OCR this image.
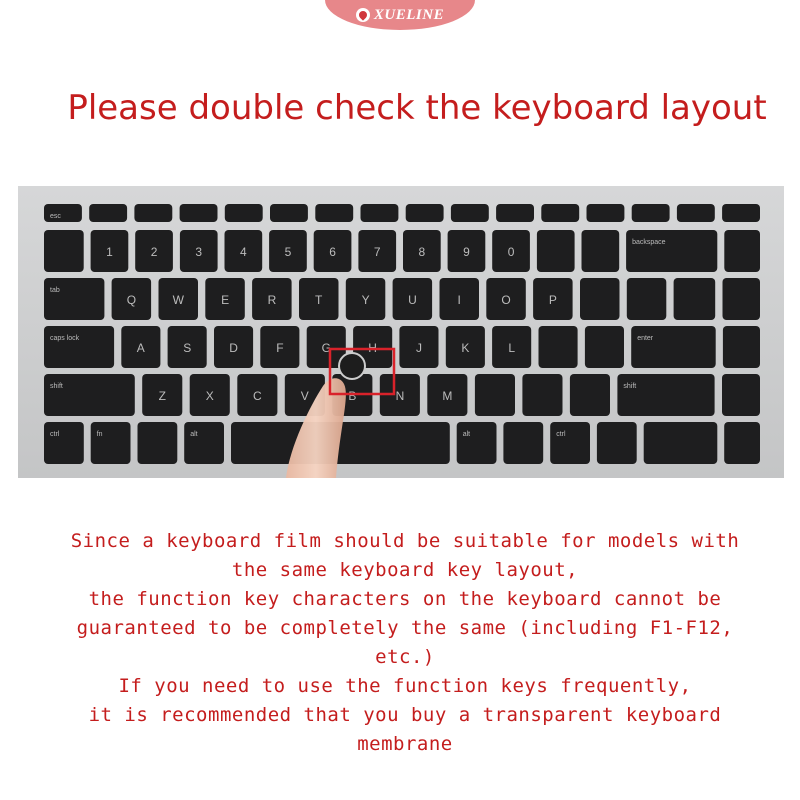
XUELINE
Please double check the keyboard layout
esc
1	2	3	4	5	6	7	8	9	0
backspace
tab
Q	W	E	R	T	Y	U	I	O	P
caps lock
A	S	D	F	G	H	J	K	L
enter
shift
Z	X	C	V	B	N	M
shift
ctrl	fn	alt	alt	ctrl
Since a keyboard film should be suitable for models with
the same keyboard key layout,
the function key characters on the keyboard cannot be
guaranteed to be completely the same (including F1-F12,
etc.)
If you need to use the function keys frequently,
it is recommended that you buy a transparent keyboard
membrane
